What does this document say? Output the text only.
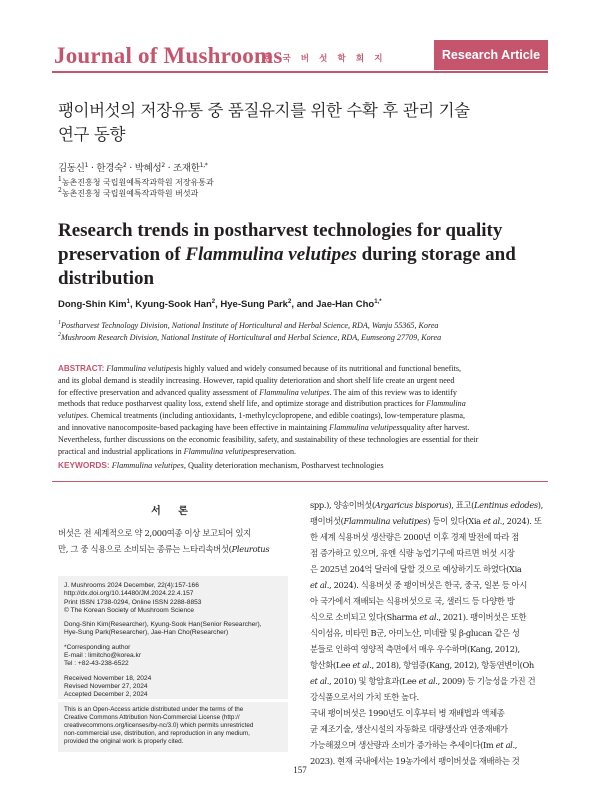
Journal of Mushrooms
한 국 버 섯 학 회 지	Research Article
팽이버섯의 저장유통 중 품질유지를 위한 수확 후 관리 기술
연구 동향
김동신$^1$ · 한경숙$^2$ · 박혜성$^2$ · 조재한$^{1,*}$
$^1$농촌진흥청 국립원예특작과학원 저장유통과
$^2$농촌진흥청 국립원예특작과학원 버섯과
Research trends in postharvest technologies for quality
preservation of Flammulina velutipes during storage and
distribution
Dong-Shin Kim$^1$, Kyung-Sook Han$^2$, Hye-Sung Park$^2$, and Jae-Han Cho$^{1,*}$
$^1$Postharvest Technology Division, National Institute of Horticultural and Herbal Science, RDA, Wanju 55365, Korea
$^2$Mushroom Research Division, National Institute of Horticultural and Herbal Science, RDA, Eumseong 27709, Korea
ABSTRACT: Flammulina velutipesis highly valued and widely consumed because of its nutritional and functional benefits,
and its global demand is steadily increasing. However, rapid quality deterioration and short shelf life create an urgent need
for effective preservation and advanced quality assessment of Flammulina velutipes. The aim of this review was to identify
methods that reduce postharvest quality loss, extend shelf life, and optimize storage and distribution practices for Flammulina
velutipes. Chemical treatments (including antioxidants, 1-methylcyclopropene, and edible coatings), low-temperature plasma,
and innovative nanocomposite-based packaging have been effective in maintaining Flammulina velutipessquality after harvest.
Nevertheless, further discussions on the economic feasibility, safety, and sustainability of these technologies are essential for their
practical and industrial applications in Flammulina velutipespreservation.
KEYWORDS: Flammulina velutipes, Quality deterioration mechanism, Postharvest technologies
서 론
버섯은 전 세계적으로 약 2,000여종 이상 보고되어 있지
만, 그 중 식용으로 소비되는 종류는 느타리속버섯(Pleurotus
J. Mushrooms 2024 December, 22(4):157-166
http://dx.doi.org/10.14480/JM.2024.22.4.157
Print ISSN 1738-0294, Online ISSN 2288-8853
© The Korean Society of Mushroom Science
Dong-Shin Kim(Researcher), Kyung-Sook Han(Senior Researcher),
Hye-Sung Park(Researcher), Jae-Han Cho(Researcher)
*Corresponding author
E-mail : limitcho@korea.kr
Tel : +82-43-238-6522
Received November 18, 2024
Revised November 27, 2024
Accepted December 2, 2024
This is an Open-Access article distributed under the terms of the
Creative Commons Attribution Non-Commercial License (http://
creativecommons.org/licenses/by-nc/3.0) which permits unrestricted
non-commercial use, distribution, and reproduction in any medium,
provided the original work is properly cited.
spp.), 양송이버섯(Argaricus bisporus), 표고(Lentinus edodes),
팽이버섯(Flammulina velutipes) 등이 있다(Xia et al., 2024). 또
한 세계 식용버섯 생산량은 2000년 이후 경제 발전에 따라 점
점 증가하고 있으며, 유엔 식량 농업기구에 따르면 버섯 시장
은 2025년 204억 달러에 달할 것으로 예상하기도 하였다(Xia
et al., 2024). 식용버섯 중 팽이버섯은 한국, 중국, 일본 등 아시
아 국가에서 재배되는 식용버섯으로 국, 샐러드 등 다양한 방
식으로 소비되고 있다(Sharma et al., 2021). 팽이버섯은 또한
식이섬유, 비타민 B군, 아미노산, 미네랄 및 β-glucan 같은 성
분들로 인하여 영양적 측면에서 매우 우수하며(Kang, 2012),
항산화(Lee et al., 2018), 항염증(Kang, 2012), 항동연변이(Oh
et al., 2010) 및 항암효과(Lee et al., 2009) 등 기능성을 가진 건
강식품으로서의 가치 또한 높다.
국내 팽이버섯은 1990년도 이후부터 병 재배법과 액체종
균 제조기술, 생산시설의 자동화로 대량생산과 연중재배가
가능해졌으며 생산량과 소비가 증가하는 추세이다(Im et al.,
2023). 현재 국내에서는 19농가에서 팽이버섯을 재배하는 것
157
